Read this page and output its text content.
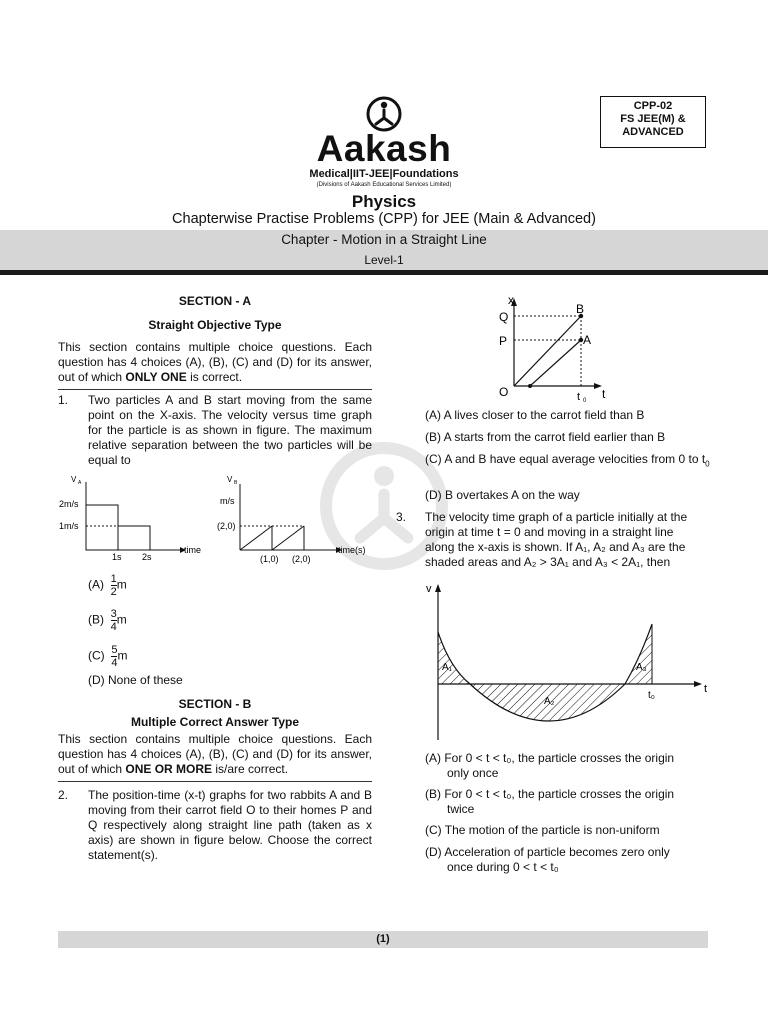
CPP-02
FS JEE(M) &
ADVANCED
Aakash
Medical|IIT-JEE|Foundations
(Divisions of Aakash Educational Services Limited)
Physics
Chapterwise Practise Problems (CPP) for JEE (Main & Advanced)
Chapter - Motion in a Straight Line
Level-1
SECTION - A
Straight Objective Type
This section contains multiple choice questions. Each question has 4 choices (A), (B), (C) and (D) for its answer, out of which ONLY ONE is correct.
1. Two particles A and B start moving from the same point on the X-axis. The velocity versus time graph for the particle is as shown in figure. The maximum relative separation between the two particles will be equal to
V A
2m/s
1m/s
1s 2s
time
V B
m/s
(2,0)
(1,0) (2,0)
time(s)
$(A) \frac{1}{2}$ m
$(B) \frac{3}{4}$ m
$(C) \frac{5}{4}$ m
(D) None of these
SECTION - B
Multiple Correct Answer Type
This section contains multiple choice questions. Each question has 4 choices (A), (B), (C) and (D) for its answer, out of which ONE OR MORE is/are correct.
2. The position-time (x-t) graphs for two rabbits A and B moving from their carrot field O to their homes P and Q respectively along straight line path (taken as x axis) are shown in figure below. Choose the correct statement(s).
x
t
O
P
Q
A
B
t 0
(A) A lives closer to the carrot field than B
(B) A starts from the carrot field earlier than B
(C) A and B have equal average velocities from 0 to $t_0$
(D) B overtakes A on the way
3. The velocity time graph of a particle initially at the
origin at time t = 0 and moving in a straight line
along the x-axis is shown. If A₁, A₂ and A₃ are the
shaded areas and A₂ > 3A₁ and A₃ < 2A₁, then
v
t
A₁
A₂
A₃
t₀
(A) For 0 < t < t₀, the particle crosses the origin
only once
(B) For 0 < t < t₀, the particle crosses the origin
twice
(C) The motion of the particle is non-uniform
(D) Acceleration of particle becomes zero only
once during 0 < t < t₀
(1)
